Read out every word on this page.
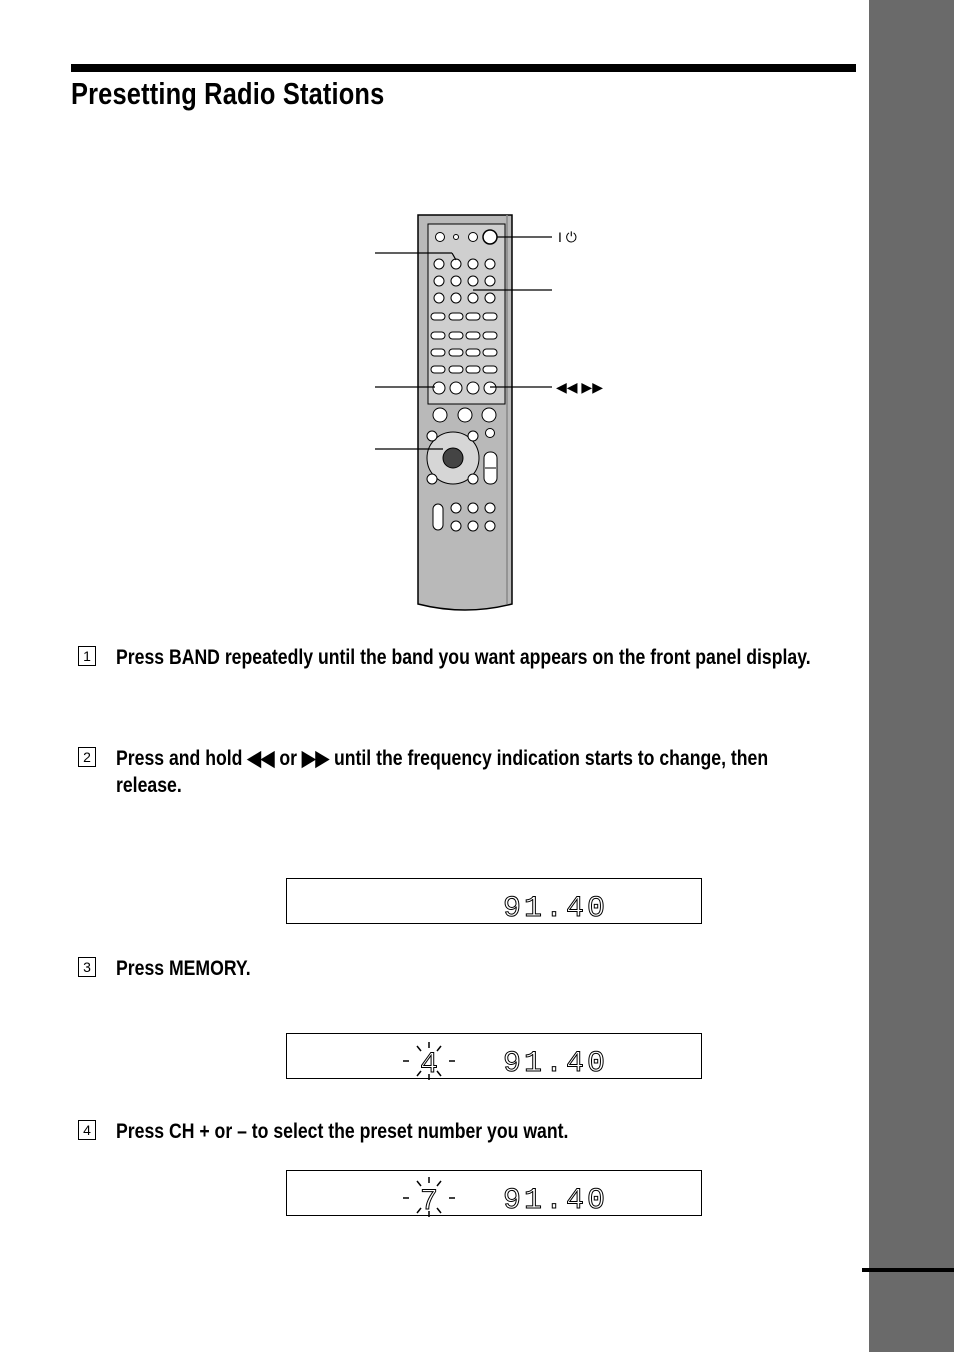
Presetting Radio Stations
I ⏻
◀◀ ▶▶
1 Press BAND repeatedly until the band you want appears on the front panel display.

2 Press and hold ◀◀ or ▶▶ until the frequency indication starts to change, then release.

91.40
3 Press MEMORY.

4 91.40
4 Press CH + or – to select the preset number you want.

7 91.40
